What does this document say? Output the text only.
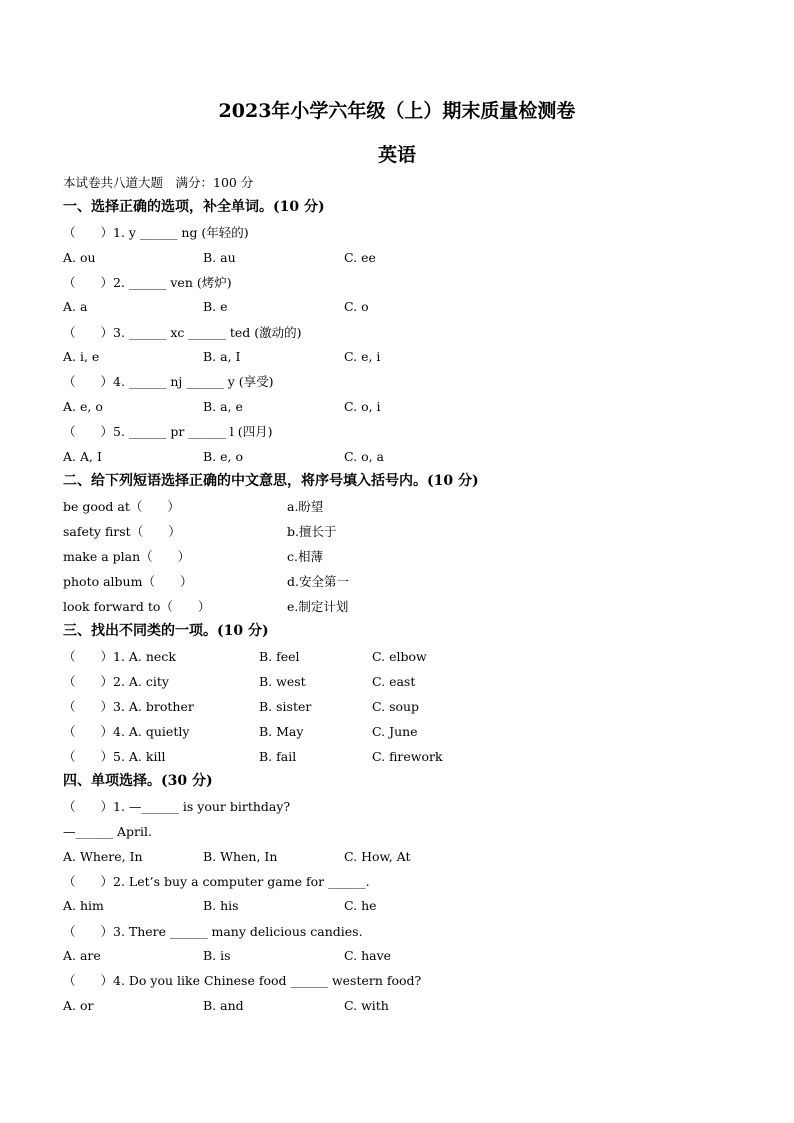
2023年小学六年级（上）期末质量检测卷
英语
本试卷共八道大题　满分：100 分
一、选择正确的选项，补全单词。(10 分)
（　　）1. y ______ ng (年轻的)
A. ou	B. au	C. ee
（　　）2. ______ ven (烤炉)
A. a	B. e	C. o
（　　）3. ______ xc ______ ted (激动的)
A. i, e	B. a, I	C. e, i
（　　）4. ______ nj ______ y (享受)
A. e, o	B. a, e	C. o, i
（　　）5. ______ pr ______ l (四月)
A. A, I	B. e, o	C. o, a
二、给下列短语选择正确的中文意思，将序号填入括号内。(10 分)
be good at（　　）	a.盼望
safety first（　　）	b.擅长于
make a plan（　　）	c.相薄
photo album（　　）	d.安全第一
look forward to（　　）	e.制定计划
三、找出不同类的一项。(10 分)
（　　）1. A. neck	B. feel	C. elbow
（　　）2. A. city	B. west	C. east
（　　）3. A. brother	B. sister	C. soup
（　　）4. A. quietly	B. May	C. June
（　　）5. A. kill	B. fail	C. firework
四、单项选择。(30 分)
（　　）1. —______ is your birthday?
—______ April.
A. Where, In	B. When, In	C. How, At
（　　）2. Let’s buy a computer game for ______.
A. him	B. his	C. he
（　　）3. There ______ many delicious candies.
A. are	B. is	C. have
（　　）4. Do you like Chinese food ______ western food?
A. or	B. and	C. with
